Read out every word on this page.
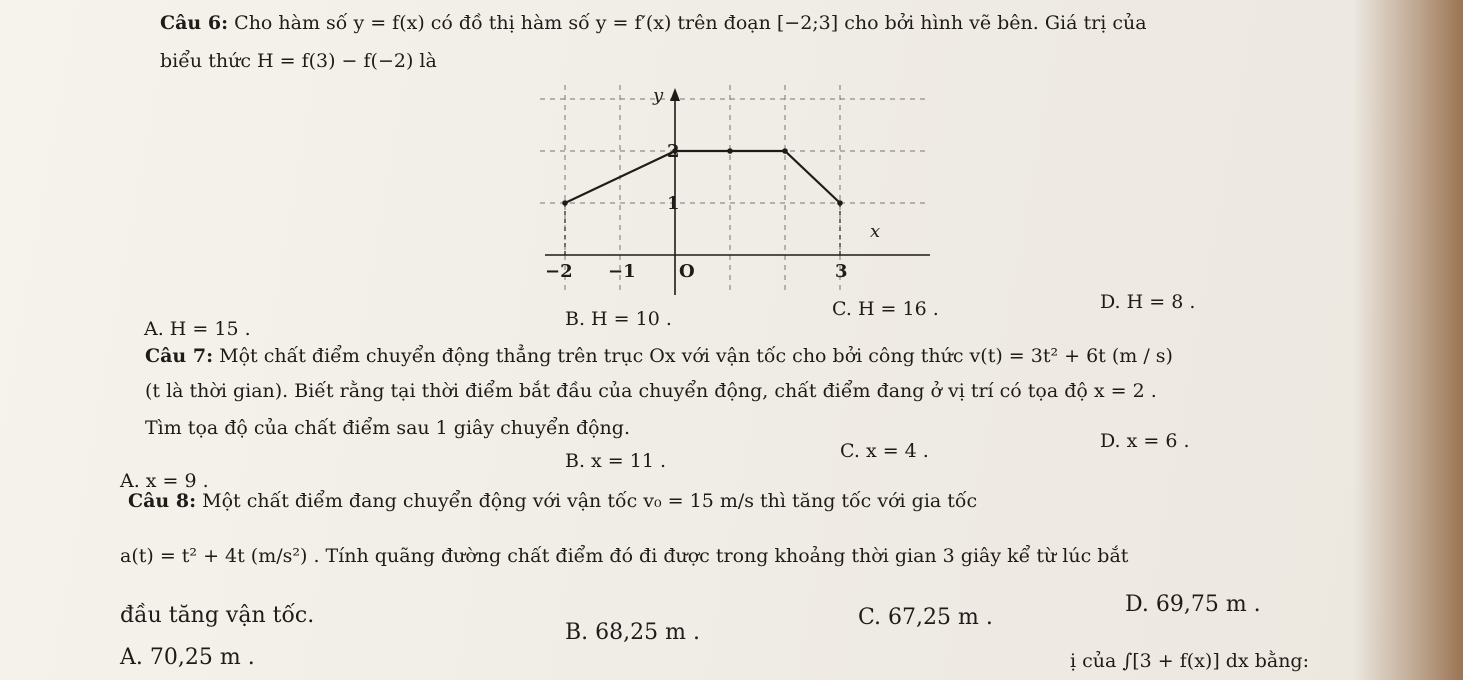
Câu 6: Cho hàm số y = f(x) có đồ thị hàm số y = f′(x) trên đoạn [−2;3] cho bởi hình vẽ bên. Giá trị của
biểu thức H = f(3) − f(−2) là
y
x
2
1
−2 −1 O	3
A. H = 15 .	B. H = 10 .	C. H = 16 .	D. H = 8 .
Câu 7: Một chất điểm chuyển động thẳng trên trục Ox với vận tốc cho bởi công thức v(t) = 3t² + 6t (m / s)
(t là thời gian). Biết rằng tại thời điểm bắt đầu của chuyển động, chất điểm đang ở vị trí có tọa độ x = 2 .
Tìm tọa độ của chất điểm sau 1 giây chuyển động.
A. x = 9 .
B. x = 11 .	C. x = 4 .	D. x = 6 .
Câu 8: Một chất điểm đang chuyển động với vận tốc v₀ = 15 m/s thì tăng tốc với gia tốc
a(t) = t² + 4t (m/s²) . Tính quãng đường chất điểm đó đi được trong khoảng thời gian 3 giây kể từ lúc bắt
đầu tăng vận tốc.
A. 70,25 m .
B. 68,25 m .
C. 67,25 m .
D. 69,75 m .
ị của ∫[3 + f(x)] dx bằng:
